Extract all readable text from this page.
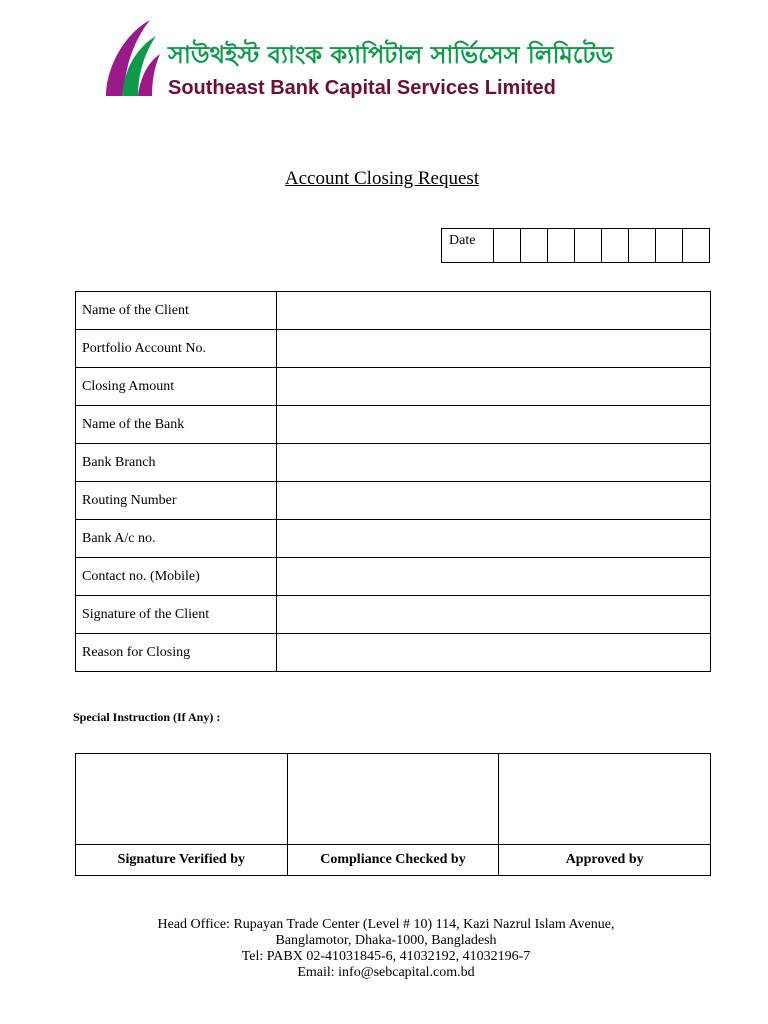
সাউথইস্ট ব্যাংক ক্যাপিটাল সার্ভিসেস লিমিটেড
Southeast Bank Capital Services Limited
Account Closing Request
Date
Name of the Client	
Portfolio Account No.	
Closing Amount	
Name of the Bank	
Bank Branch	
Routing Number	
Bank A/c no.	
Contact no. (Mobile)	
Signature of the Client	
Reason for Closing	
Special Instruction (If Any) :

Signature Verified by	Compliance Checked by	Approved by
Head Office: Rupayan Trade Center (Level # 10) 114, Kazi Nazrul Islam Avenue,
Banglamotor, Dhaka-1000, Bangladesh
Tel: PABX 02-41031845-6, 41032192, 41032196-7
Email: info@sebcapital.com.bd
